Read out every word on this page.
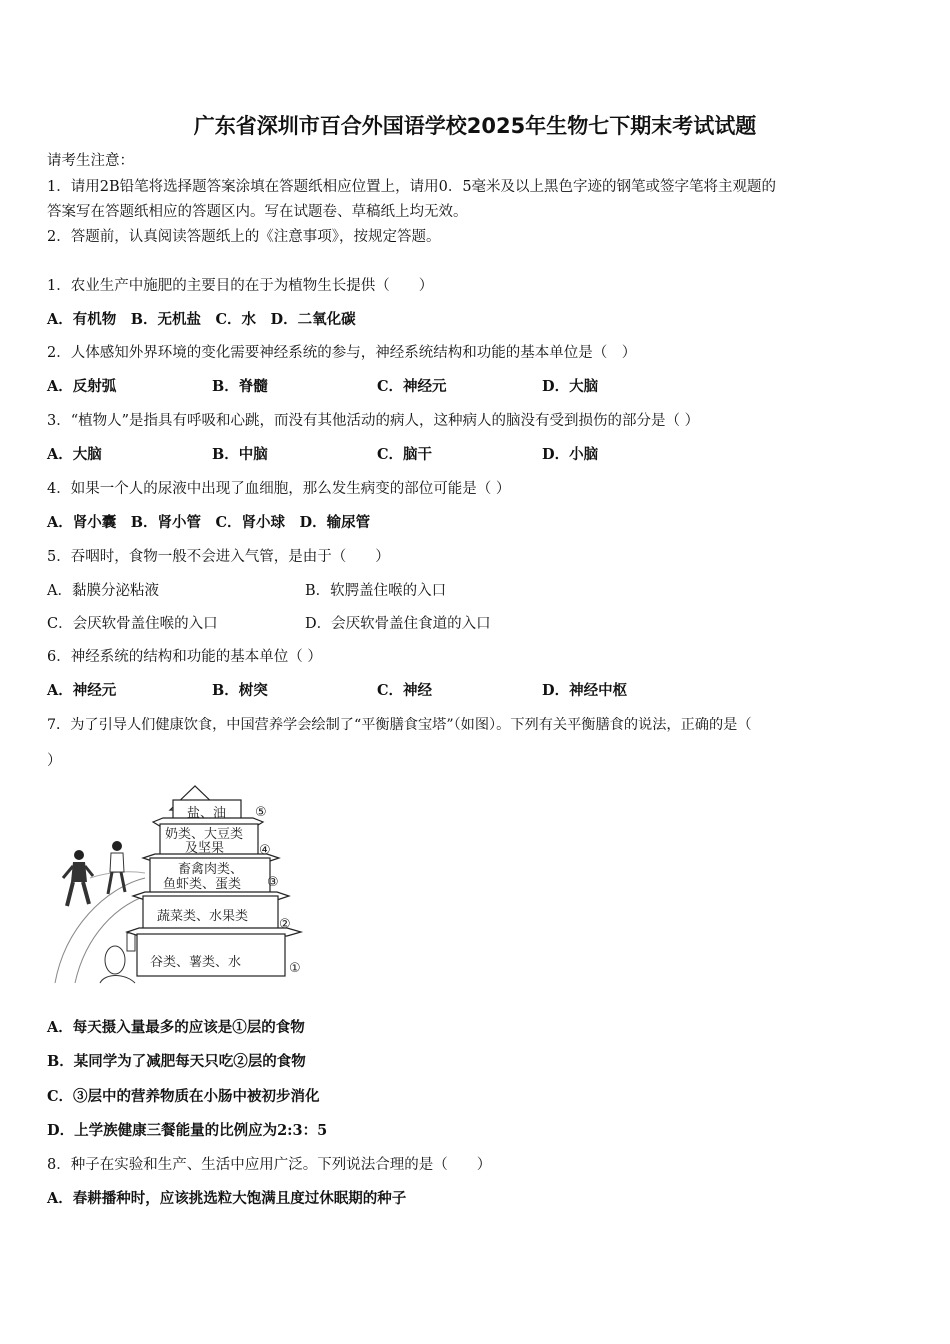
广东省深圳市百合外国语学校2025年生物七下期末考试试题
请考生注意：
1．请用2B铅笔将选择题答案涂填在答题纸相应位置上，请用0．5毫米及以上黑色字迹的钢笔或签字笔将主观题的
答案写在答题纸相应的答题区内。写在试题卷、草稿纸上均无效。
2．答题前，认真阅读答题纸上的《注意事项》，按规定答题。
1．农业生产中施肥的主要目的在于为植物生长提供（　　）
A．有机物　B．无机盐　C．水　D．二氧化碳
2．人体感知外界环境的变化需要神经系统的参与，神经系统结构和功能的基本单位是（　）
A．反射弧	B．脊髓	C．神经元	D．大脑
3．“植物人”是指具有呼吸和心跳，而没有其他活动的病人，这种病人的脑没有受到损伤的部分是（ ）
A．大脑	B．中脑	C．脑干	D．小脑
4．如果一个人的尿液中出现了血细胞，那么发生病变的部位可能是（ ）
A．肾小囊　B．肾小管　C．肾小球　D．输尿管
5．吞咽时，食物一般不会进入气管，是由于（　　）
A．黏膜分泌粘液	B．软腭盖住喉的入口
C．会厌软骨盖住喉的入口	D．会厌软骨盖住食道的入口
6．神经系统的结构和功能的基本单位（ ）
A．神经元	B．树突	C．神经	D．神经中枢
7．为了引导人们健康饮食，中国营养学会绘制了“平衡膳食宝塔”（如图）。下列有关平衡膳食的说法，正确的是（
）
盐、油 ⑤
奶类、大豆类
及坚果	④
畜禽肉类、
鱼虾类、蛋类 ③
蔬菜类、水果类
②
谷类、薯类、水	①
A．每天摄入量最多的应该是①层的食物
B．某同学为了减肥每天只吃②层的食物
C．③层中的营养物质在小肠中被初步消化
D．上学族健康三餐能量的比例应为2:3：5
8．种子在实验和生产、生活中应用广泛。下列说法合理的是（　　）
A．春耕播种时，应该挑选粒大饱满且度过休眠期的种子
